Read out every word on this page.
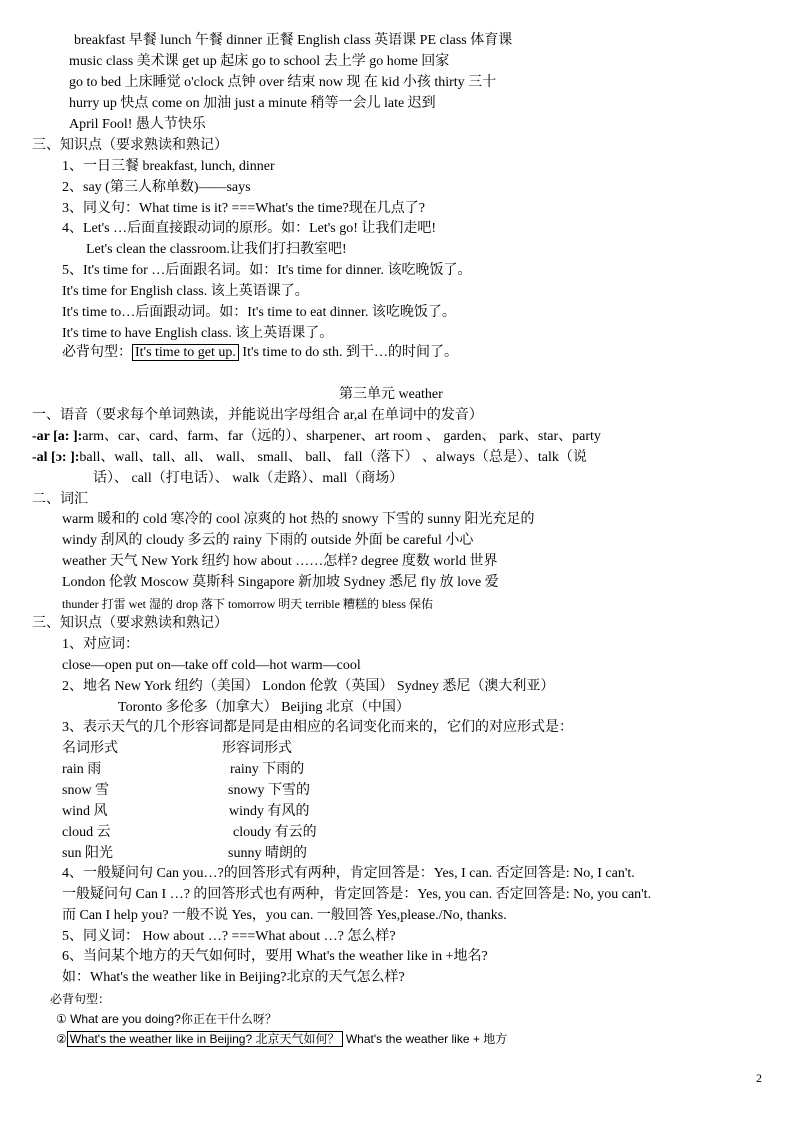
breakfast 早餐 lunch 午餐 dinner 正餐 English class 英语课 PE class 体育课
music class 美术课 get up 起床 go to school 去上学 go home 回家
go to bed 上床睡觉 o'clock 点钟 over 结束 now 现 在 kid 小孩 thirty 三十
hurry up 快点 come on 加油 just a minute 稍等一会儿 late 迟到
April Fool! 愚人节快乐
三、知识点（要求熟读和熟记）
1、一日三餐 breakfast, lunch, dinner
2、say (第三人称单数)——says
3、同义句：What time is it? ===What's the time?现在几点了?
4、Let's …后面直接跟动词的原形。如：Let's go! 让我们走吧!
Let's clean the classroom.让我们打扫教室吧!
5、It's time for …后面跟名词。如：It's time for dinner. 该吃晚饭了。
It's time for English class. 该上英语课了。
It's time to…后面跟动词。如：It's time to eat dinner. 该吃晚饭了。
It's time to have English class. 该上英语课了。
必背句型： It's time to get up. It's time to do sth. 到干…的时间了。
第三单元 weather
一、语音（要求每个单词熟读，并能说出字母组合 ar,al 在单词中的发音）
-ar [a: ]:arm、car、card、farm、far（远的）、sharpener、art room 、 garden、 park、star、party
-al [ɔ: ]:ball、wall、tall、all、 wall、 small、 ball、 fall（落下） 、always（总是）、talk（说
话）、 call（打电话）、 walk（走路）、mall（商场）
二、词汇
warm 暖和的 cold 寒冷的 cool 凉爽的 hot 热的 snowy 下雪的 sunny 阳光充足的
windy 刮风的 cloudy 多云的 rainy 下雨的 outside 外面 be careful 小心
weather 天气 New York 纽约 how about ……怎样? degree 度数 world 世界
London 伦敦 Moscow 莫斯科 Singapore 新加坡 Sydney 悉尼 fly 放 love 爱
thunder 打雷 wet 湿的 drop 落下 tomorrow 明天 terrible 糟糕的 bless 保佑
三、知识点（要求熟读和熟记）
1、对应词：
close—open put on—take off cold—hot warm—cool
2、地名 New York 纽约（美国） London 伦敦（英国） Sydney 悉尼（澳大利亚）
Toronto 多伦多（加拿大） Beijing 北京（中国）
3、表示天气的几个形容词都是同是由相应的名词变化而来的，它们的对应形式是：
名词形式	形容词形式
rain 雨	rainy 下雨的
snow 雪	snowy 下雪的
wind 风	windy 有风的
cloud 云	cloudy 有云的
sun 阳光	sunny 晴朗的
4、一般疑问句 Can you…?的回答形式有两种，肯定回答是：Yes, I can. 否定回答是: No, I can't.
一般疑问句 Can I …? 的回答形式也有两种，肯定回答是：Yes, you can. 否定回答是: No, you can't.
而 Can I help you? 一般不说 Yes，you can. 一般回答 Yes,please./No, thanks.
5、同义词： How about …? ===What about …? 怎么样?
6、当问某个地方的天气如何时，要用 What's the weather like in +地名?
如：What's the weather like in Beijing?北京的天气怎么样?
必背句型：
① What are you doing?你正在干什么呀？
② What's the weather like in Beijing? 北京天气如何？ What's the weather like + 地方
2
